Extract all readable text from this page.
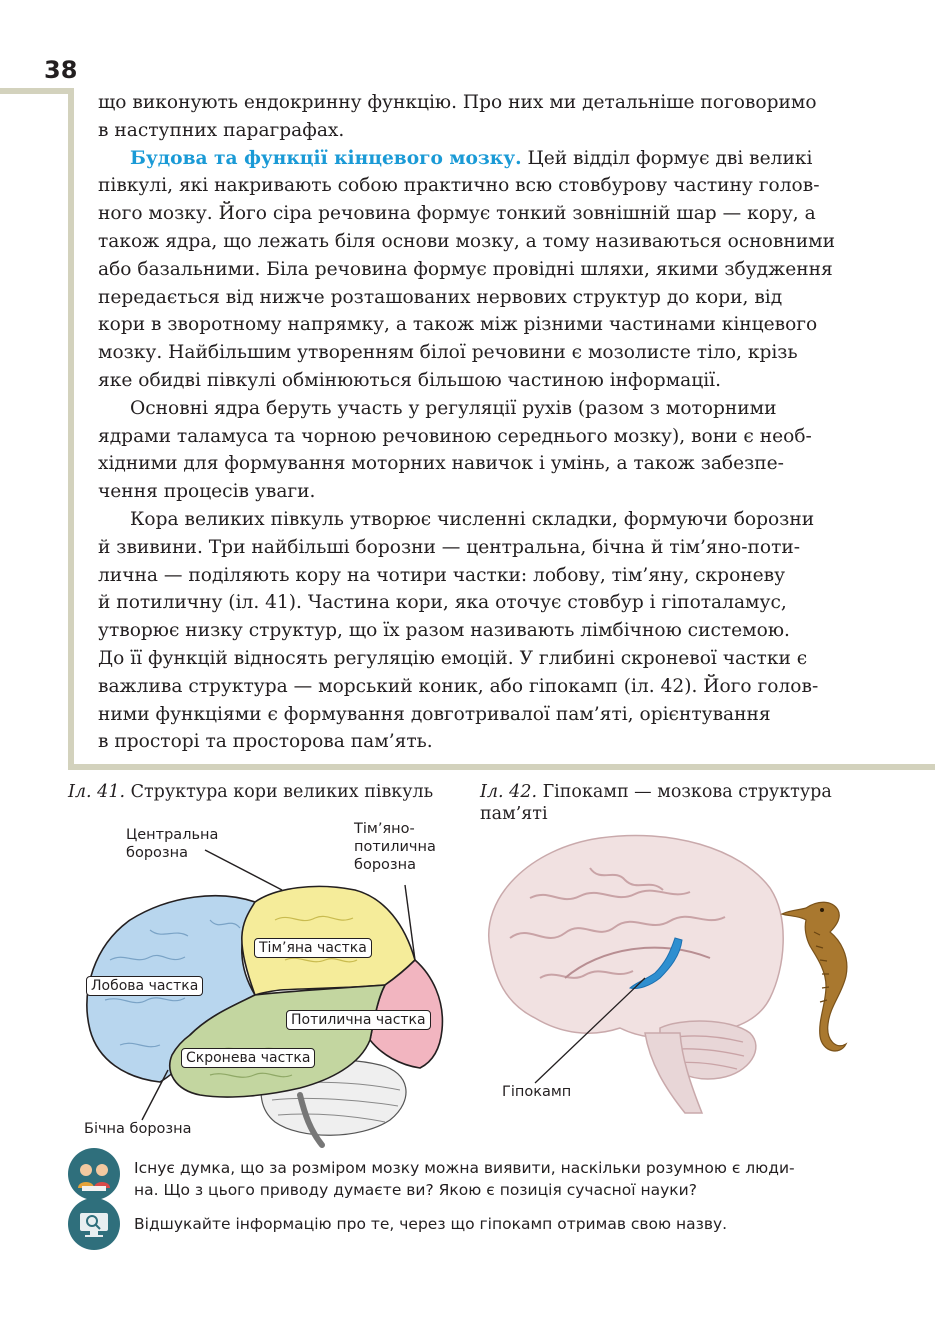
38

що виконують ендокринну функцію. Про них ми детальніше поговоримо
в наступних параграфах.

Будова та функції кінцевого мозку. Цей відділ формує дві великі
півкулі, які накривають собою практично всю стовбурову частину голов-
ного мозку. Його сіра речовина формує тонкий зовнішній шар — кору, а
також ядра, що лежать біля основи мозку, а тому називаються основними
або базальними. Біла речовина формує провідні шляхи, якими збудження
передається від нижче розташованих нервових структур до кори, від
кори в зворотному напрямку, а також між різними частинами кінцевого
мозку. Найбільшим утворенням білої речовини є мозолисте тіло, крізь
яке обидві півкулі обмінюються більшою частиною інформації.

Основні ядра беруть участь у регуляції рухів (разом з моторними
ядрами таламуса та чорною речовиною середнього мозку), вони є необ-
хідними для формування моторних навичок і умінь, а також забезпе-
чення процесів уваги.

Кора великих півкуль утворює численні складки, формуючи борозни
й звивини. Три найбільші борозни — центральна, бічна й тім’яно-поти-
лична — поділяють кору на чотири частки: лобову, тім’яну, скроневу
й потиличну (іл. 41). Частина кори, яка оточує стовбур і гіпоталамус,
утворює низку структур, що їх разом називають лімбічною системою.
До її функцій відносять регуляцію емоцій. У глибині скроневої частки є
важлива структура — морський коник, або гіпокамп (іл. 42). Його голов-
ними функціями є формування довготривалої пам’яті, орієнтування
в просторі та просторова пам’ять.

Іл. 41. Структура кори великих півкуль	Іл. 42. Гіпокамп — мозкова структура
пам’яті
Центральна
борозна
Тім’яно-
потилична
борозна
Тім’яна частка
Лобова частка
Потилична частка
Скронева частка
Бічна борозна
Гіпокамп
Існує думка, що за розміром мозку можна виявити, наскільки розумною є люди-
на. Що з цього приводу думаєте ви? Якою є позиція сучасної науки?
Відшукайте інформацію про те, через що гіпокамп отримав свою назву.
